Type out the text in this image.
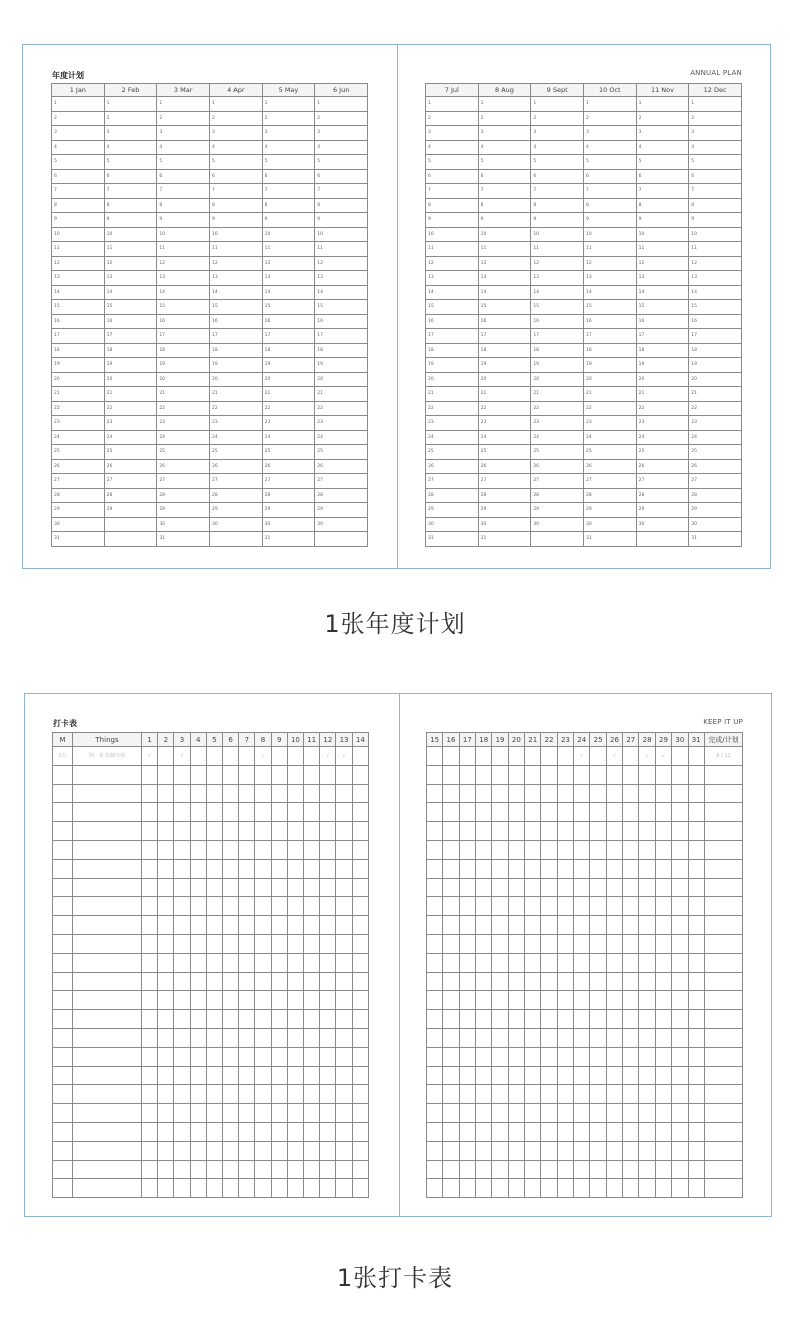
年度计划	ANNUAL PLAN
1 Jan	2 Feb	3 Mar	4 Apr	5 May	6 Jun
1	1	1	1	1	1
2	2	2	2	2	2
3	3	3	3	3	3
4	4	4	4	4	4
5	5	5	5	5	5
6	6	6	6	6	6
7	7	7	7	7	7
8	8	8	8	8	8
9	9	9	9	9	9
10	10	10	10	10	10
11	11	11	11	11	11
12	12	12	12	12	12
13	13	13	13	13	13
14	14	14	14	14	14
15	15	15	15	15	15
16	16	16	16	16	16
17	17	17	17	17	17
18	18	18	18	18	18
19	19	19	19	19	19
20	20	20	20	20	20
21	21	21	21	21	21
22	22	22	22	22	22
23	23	23	23	23	23
24	24	24	24	24	24
25	25	25	25	25	25
26	26	26	26	26	26
27	27	27	27	27	27
28	28	28	28	28	28
29	29	29	29	29	29
30		30	30	30	30
31		31		31	
7 Jul	8 Aug	9 Sept	10 Oct	11 Nov	12 Dec
1	1	1	1	1	1
2	2	2	2	2	2
3	3	3	3	3	3
4	4	4	4	4	4
5	5	5	5	5	5
6	6	6	6	6	6
7	7	7	7	7	7
8	8	8	8	8	8
9	9	9	9	9	9
10	10	10	10	10	10
11	11	11	11	11	11
12	12	12	12	12	12
13	13	13	13	13	13
14	14	14	14	14	14
15	15	15	15	15	15
16	16	16	16	16	16
17	17	17	17	17	17
18	18	18	18	18	18
19	19	19	19	19	19
20	20	20	20	20	20
21	21	21	21	21	21
22	22	22	22	22	22
23	23	23	23	23	23
24	24	24	24	24	24
25	25	25	25	25	25
26	26	26	26	26	26
27	27	27	27	27	27
28	28	28	28	28	28
29	29	29	29	29	29
30	30	30	30	30	30
31	31		31		31
1张年度计划
打卡表	KEEP IT UP
M	Things	1	2	3	4	5	6	7	8	9	10	11	12	13	14
1月	例：看书30分钟	√		√					√				√	√	

15	16	17	18	19	20	21	22	23	24	25	26	27	28	29	30	31	完成/计划
									√		√		√	√			8 / 12

1张打卡表
